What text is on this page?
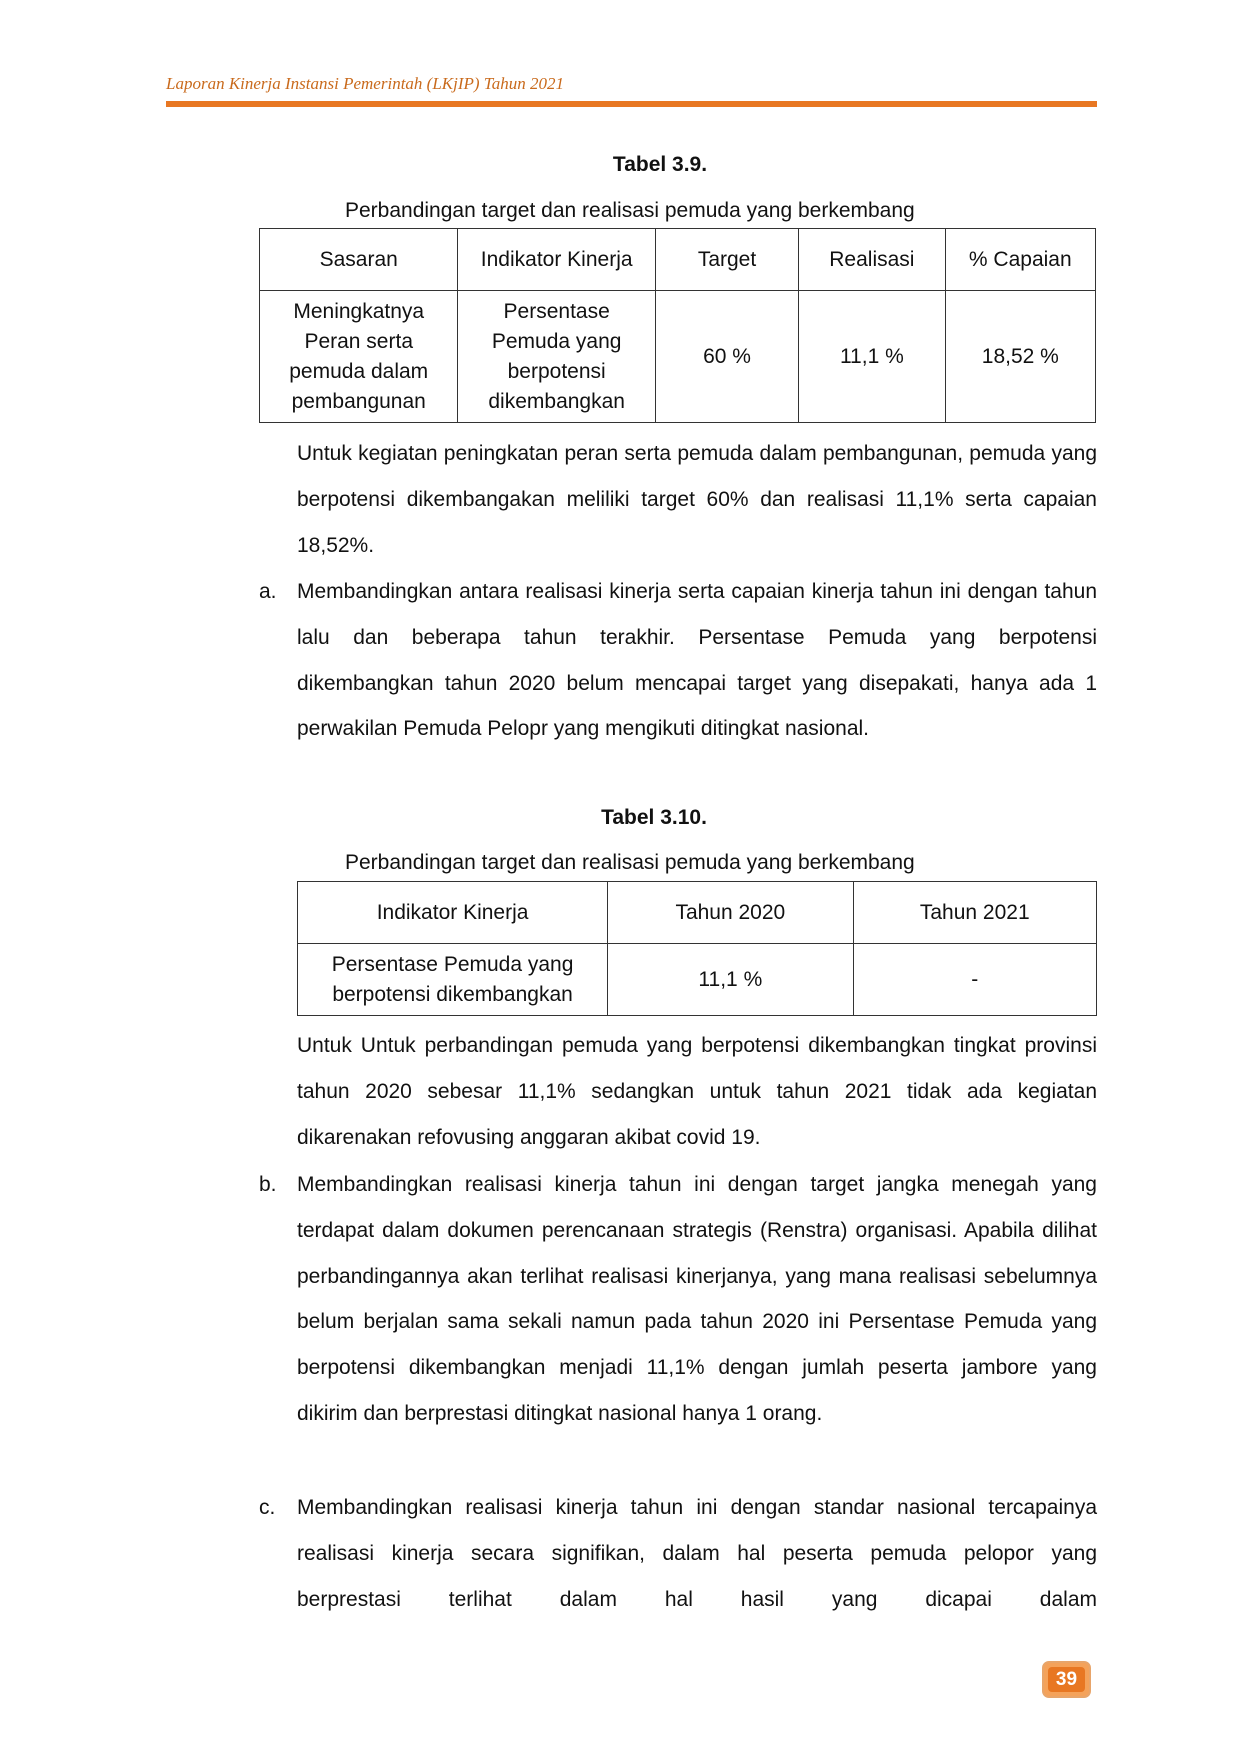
Laporan Kinerja Instansi Pemerintah (LKjIP) Tahun 2021
Tabel 3.9.
Perbandingan target dan realisasi pemuda yang berkembang
Sasaran	Indikator Kinerja	Target	Realisasi	% Capaian
Meningkatnya Peran serta pemuda dalam pembangunan	Persentase Pemuda yang berpotensi dikembangkan	60 %	11,1 %	18,52 %
Untuk kegiatan peningkatan peran serta pemuda dalam pembangunan, pemuda yang berpotensi dikembangakan meliliki target 60% dan realisasi 11,1% serta capaian 18,52%.
a. Membandingkan antara realisasi kinerja serta capaian kinerja tahun ini dengan tahun lalu dan beberapa tahun terakhir. Persentase Pemuda yang berpotensi dikembangkan tahun 2020 belum mencapai target yang disepakati, hanya ada 1 perwakilan Pemuda Pelopr yang mengikuti ditingkat nasional.
Tabel 3.10.
Perbandingan target dan realisasi pemuda yang berkembang
Indikator Kinerja	Tahun 2020	Tahun 2021
Persentase Pemuda yang berpotensi dikembangkan	11,1 %	-
Untuk Untuk perbandingan pemuda yang berpotensi dikembangkan tingkat provinsi tahun 2020 sebesar 11,1% sedangkan untuk tahun 2021 tidak ada kegiatan dikarenakan refovusing anggaran akibat covid 19.
b. Membandingkan realisasi kinerja tahun ini dengan target jangka menegah yang terdapat dalam dokumen perencanaan strategis (Renstra) organisasi. Apabila dilihat perbandingannya akan terlihat realisasi kinerjanya, yang mana realisasi sebelumnya belum berjalan sama sekali namun pada tahun 2020 ini Persentase Pemuda yang berpotensi dikembangkan menjadi 11,1% dengan jumlah peserta jambore yang dikirim dan berprestasi ditingkat nasional hanya 1 orang.
c. Membandingkan realisasi kinerja tahun ini dengan standar nasional tercapainya realisasi kinerja secara signifikan, dalam hal peserta pemuda pelopor yang berprestasi terlihat dalam hal hasil yang dicapai dalam
39
